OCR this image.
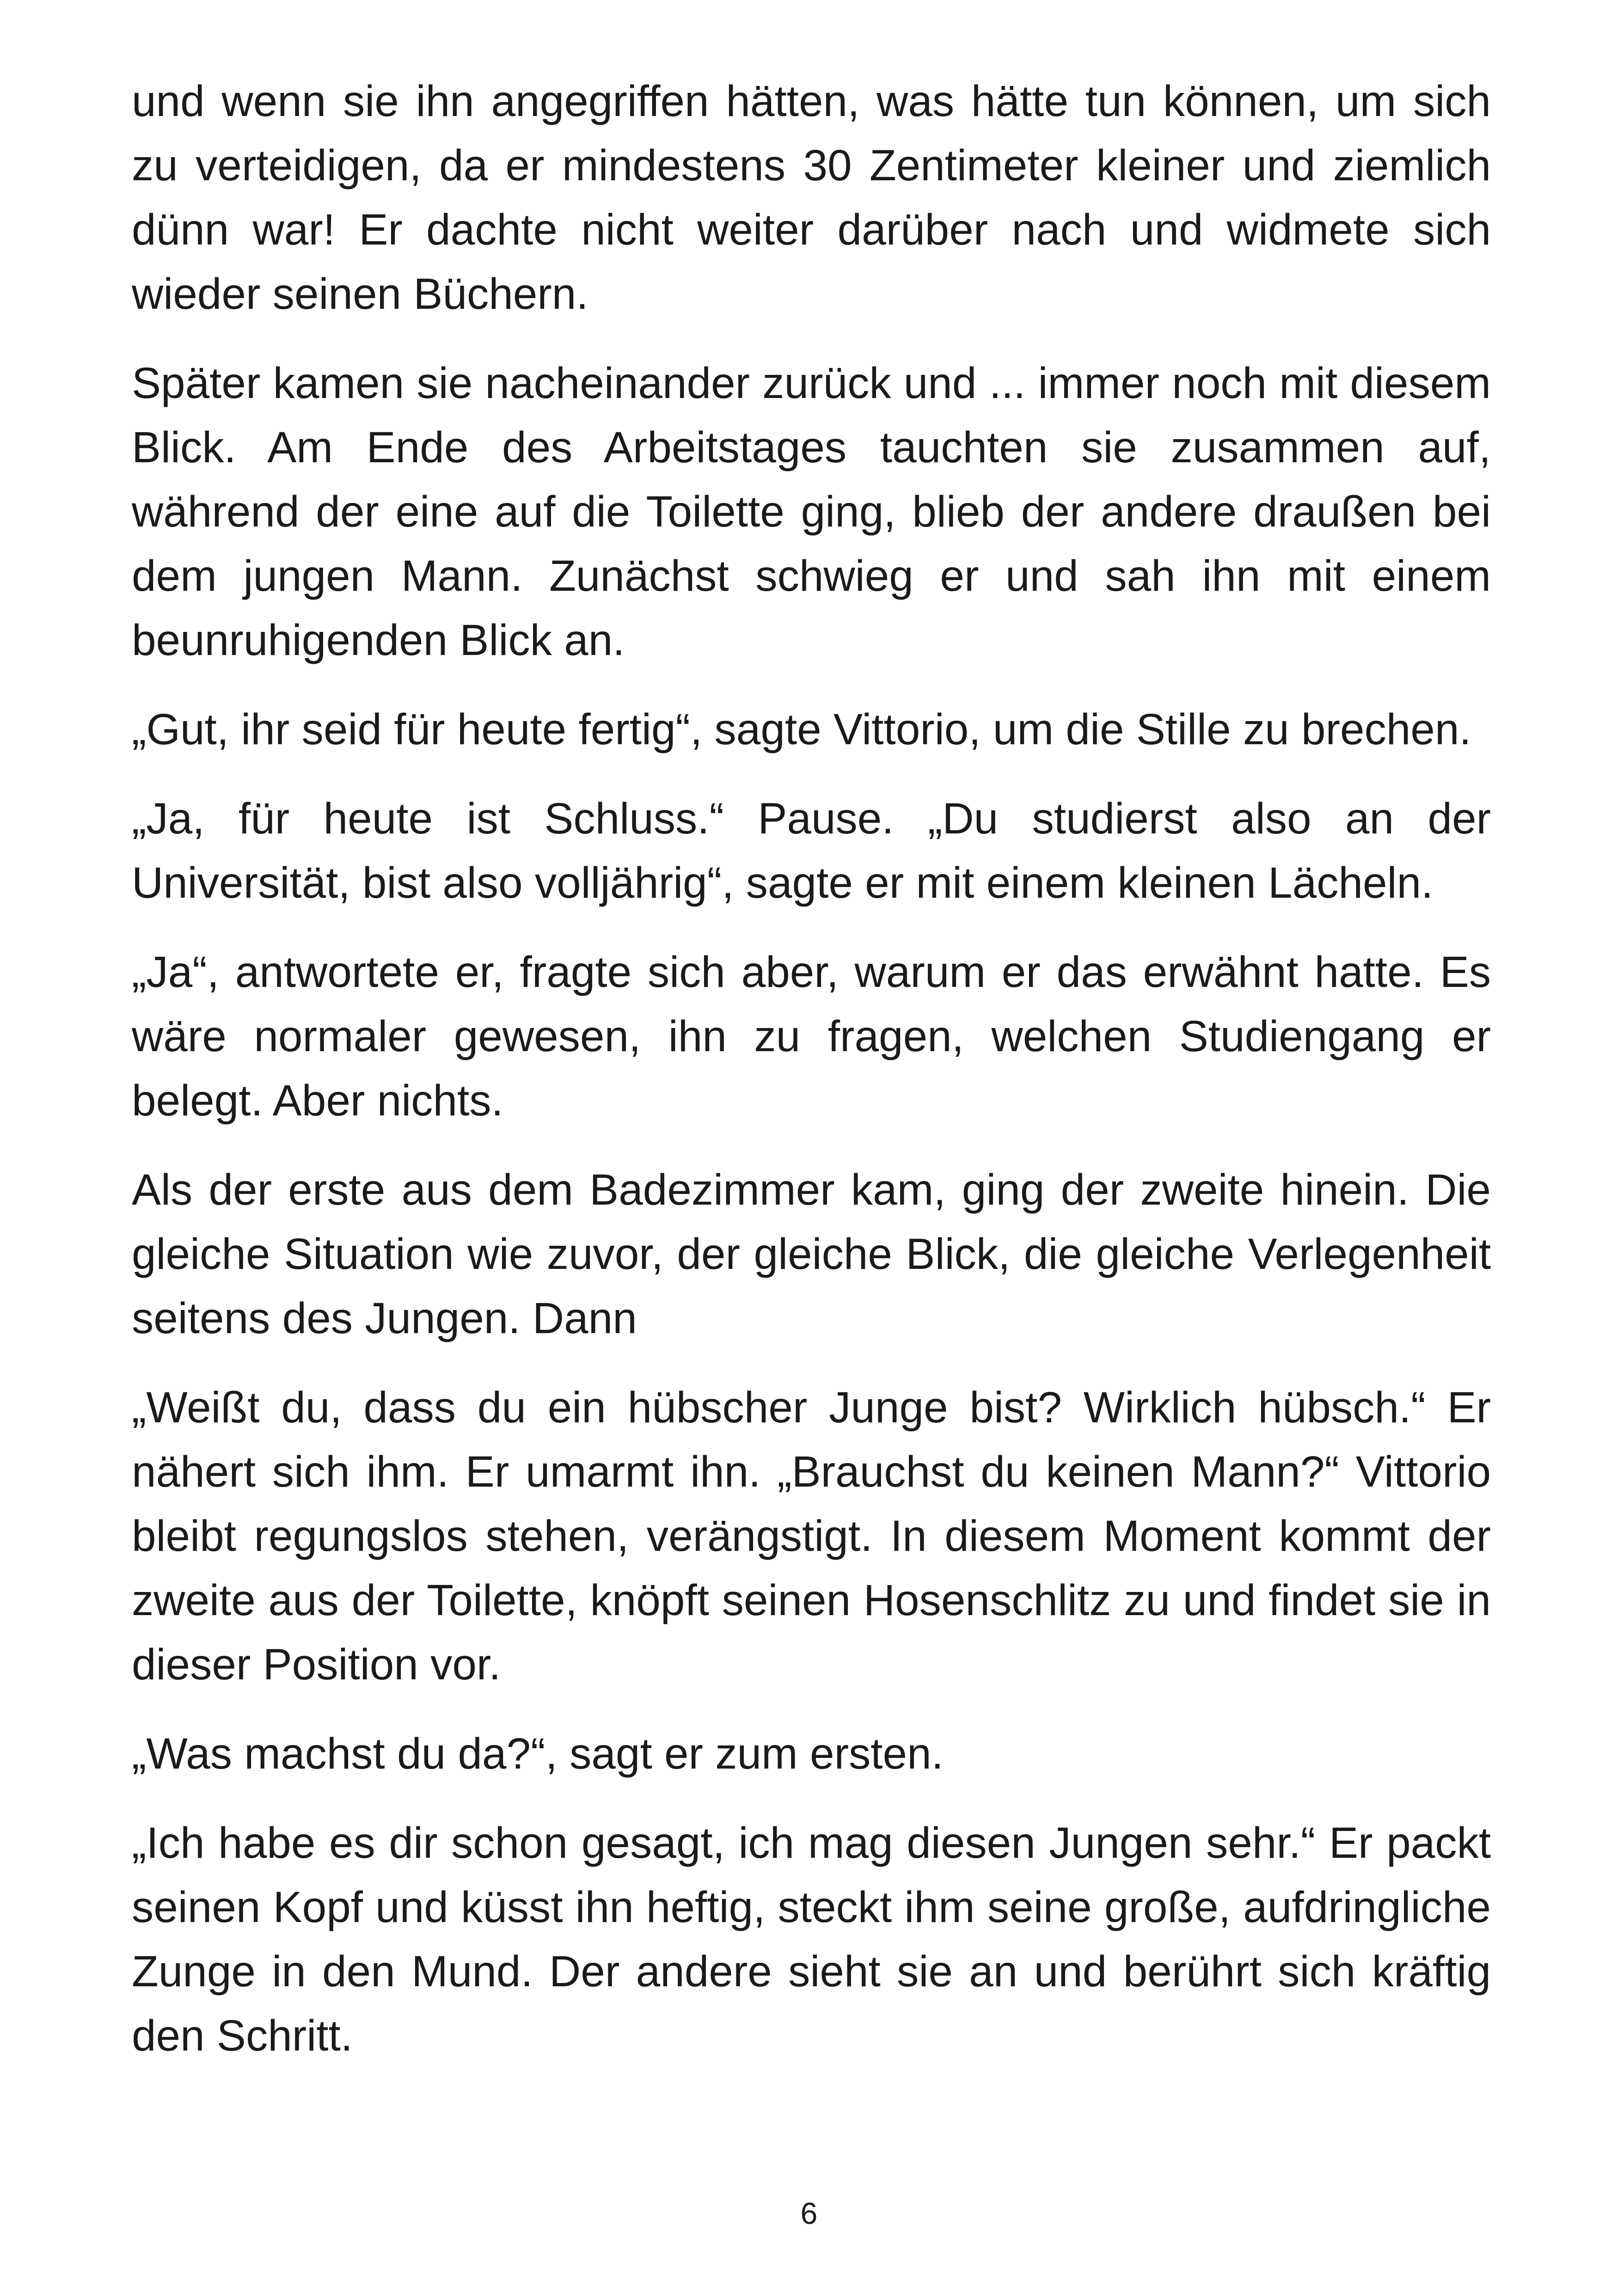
und wenn sie ihn angegriffen hätten, was hätte tun können, um sich zu verteidigen, da er mindestens 30 Zentimeter kleiner und ziemlich dünn war! Er dachte nicht weiter darüber nach und widmete sich wieder seinen Büchern.

Später kamen sie nacheinander zurück und ... immer noch mit diesem Blick. Am Ende des Arbeitstages tauchten sie zusammen auf, während der eine auf die Toilette ging, blieb der andere draußen bei dem jungen Mann. Zunächst schwieg er und sah ihn mit einem beunruhigenden Blick an.

„Gut, ihr seid für heute fertig“, sagte Vittorio, um die Stille zu brechen.

„Ja, für heute ist Schluss.“ Pause. „Du studierst also an der Universität, bist also volljährig“, sagte er mit einem kleinen Lächeln.

„Ja“, antwortete er, fragte sich aber, warum er das erwähnt hatte. Es wäre normaler gewesen, ihn zu fragen, welchen Studiengang er belegt. Aber nichts.

Als der erste aus dem Badezimmer kam, ging der zweite hinein. Die gleiche Situation wie zuvor, der gleiche Blick, die gleiche Verlegenheit seitens des Jungen. Dann

„Weißt du, dass du ein hübscher Junge bist? Wirklich hübsch.“ Er nähert sich ihm. Er umarmt ihn. „Brauchst du keinen Mann?“ Vittorio bleibt regungslos stehen, verängstigt. In diesem Moment kommt der zweite aus der Toilette, knöpft seinen Hosenschlitz zu und findet sie in dieser Position vor.

„Was machst du da?“, sagt er zum ersten.

„Ich habe es dir schon gesagt, ich mag diesen Jungen sehr.“ Er packt seinen Kopf und küsst ihn heftig, steckt ihm seine große, aufdringliche Zunge in den Mund. Der andere sieht sie an und berührt sich kräftig den Schritt.

6
